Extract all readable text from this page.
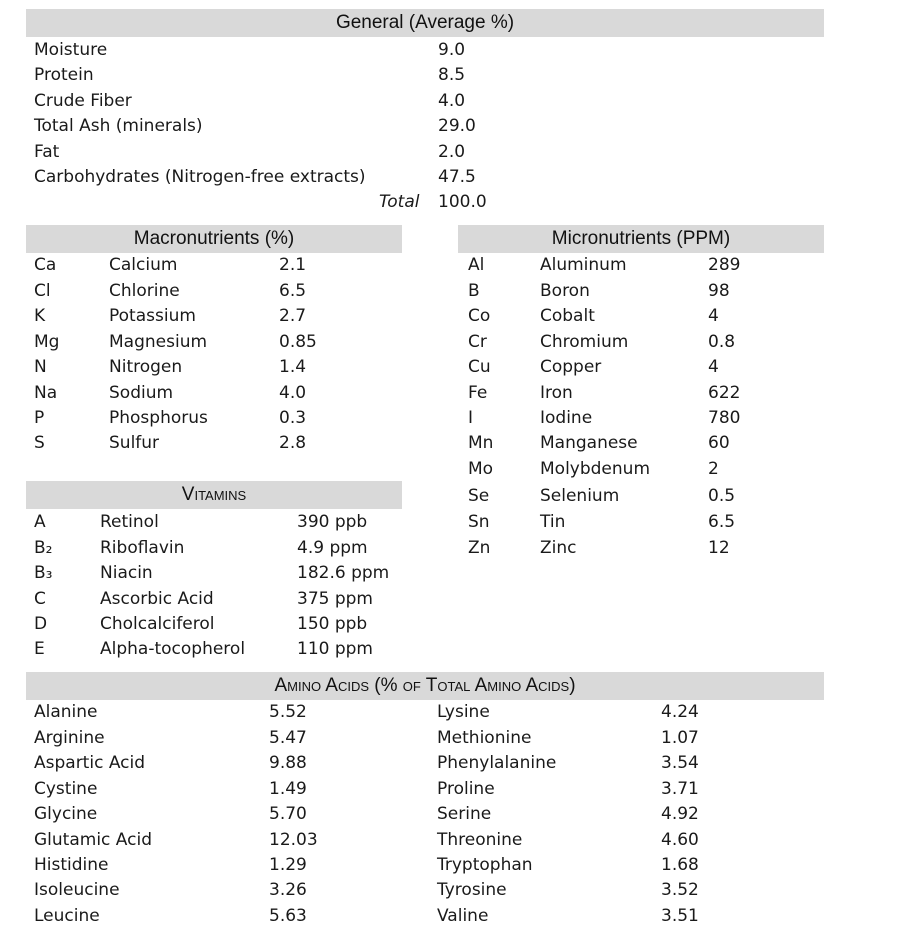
General (Average %)
Moisture	9.0
Protein	8.5
Crude Fiber	4.0
Total Ash (minerals)	29.0
Fat	2.0
Carbohydrates (Nitrogen-free extracts)	47.5
Total 100.0
Macronutrients (%)
Ca	Calcium	2.1
Cl	Chlorine	6.5
K	Potassium	2.7
Mg	Magnesium	0.85
N	Nitrogen	1.4
Na	Sodium	4.0
P	Phosphorus	0.3
S	Sulfur	2.8
Micronutrients (PPM)
Al	Aluminum	289
B	Boron	98
Co	Cobalt	4
Cr	Chromium	0.8
Cu	Copper	4
Fe	Iron	622
I	Iodine	780
Mn	Manganese	60
Mo	Molybdenum	2
Se	Selenium	0.5
Sn	Tin	6.5
Zn	Zinc	12
Vitamins
A	Retinol	390 ppb
B₂	Riboflavin	4.9 ppm
B₃	Niacin	182.6 ppm
C	Ascorbic Acid	375 ppm
D	Cholcalciferol	150 ppb
E	Alpha-tocopherol	110 ppm
Amino Acids (% of Total Amino Acids)
Alanine	5.52	Lysine	4.24
Arginine	5.47	Methionine	1.07
Aspartic Acid	9.88	Phenylalanine	3.54
Cystine	1.49	Proline	3.71
Glycine	5.70	Serine	4.92
Glutamic Acid	12.03	Threonine	4.60
Histidine	1.29	Tryptophan	1.68
Isoleucine	3.26	Tyrosine	3.52
Leucine	5.63	Valine	3.51
